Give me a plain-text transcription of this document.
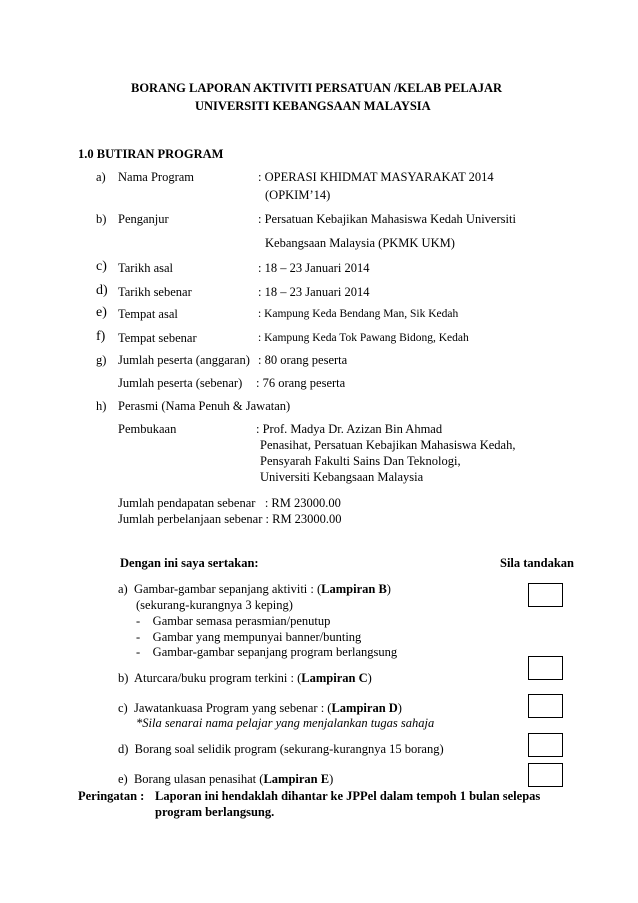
BORANG LAPORAN AKTIVITI PERSATUAN /KELAB PELAJAR
UNIVERSITI KEBANGSAAN MALAYSIA
1.0 BUTIRAN PROGRAM
a) Nama Program	: OPERASI KHIDMAT MASYARAKAT 2014
(OPKIM’14)
b) Penganjur	: Persatuan Kebajikan Mahasiswa Kedah Universiti
Kebangsaan Malaysia (PKMK UKM)
c) Tarikh asal	: 18 – 23 Januari 2014
d) Tarikh sebenar	: 18 – 23 Januari 2014
e) Tempat asal	: Kampung Keda Bendang Man, Sik Kedah
f) Tempat sebenar	: Kampung Keda Tok Pawang Bidong, Kedah
g) Jumlah peserta (anggaran) : 80 orang peserta
Jumlah peserta (sebenar) : 76 orang peserta
h) Perasmi (Nama Penuh & Jawatan)
Pembukaan	: Prof. Madya Dr. Azizan Bin Ahmad
Penasihat, Persatuan Kebajikan Mahasiswa Kedah,
Pensyarah Fakulti Sains Dan Teknologi,
Universiti Kebangsaan Malaysia
Jumlah pendapatan sebenar   : RM 23000.00
Jumlah perbelanjaan sebenar : RM 23000.00
Dengan ini saya sertakan:	Sila tandakan
a) Gambar-gambar sepanjang aktiviti : (Lampiran B)
(sekurang-kurangnya 3 keping)
-    Gambar semasa perasmian/penutup
-    Gambar yang mempunyai banner/bunting
-    Gambar-gambar sepanjang program berlangsung
b) Aturcara/buku program terkini : (Lampiran C)
c) Jawatankuasa Program yang sebenar : (Lampiran D)
*Sila senarai nama pelajar yang menjalankan tugas sahaja
d) Borang soal selidik program (sekurang-kurangnya 15 borang)
e) Borang ulasan penasihat (Lampiran E)
Peringatan : Laporan ini hendaklah dihantar ke JPPel dalam tempoh 1 bulan selepas
program berlangsung.
